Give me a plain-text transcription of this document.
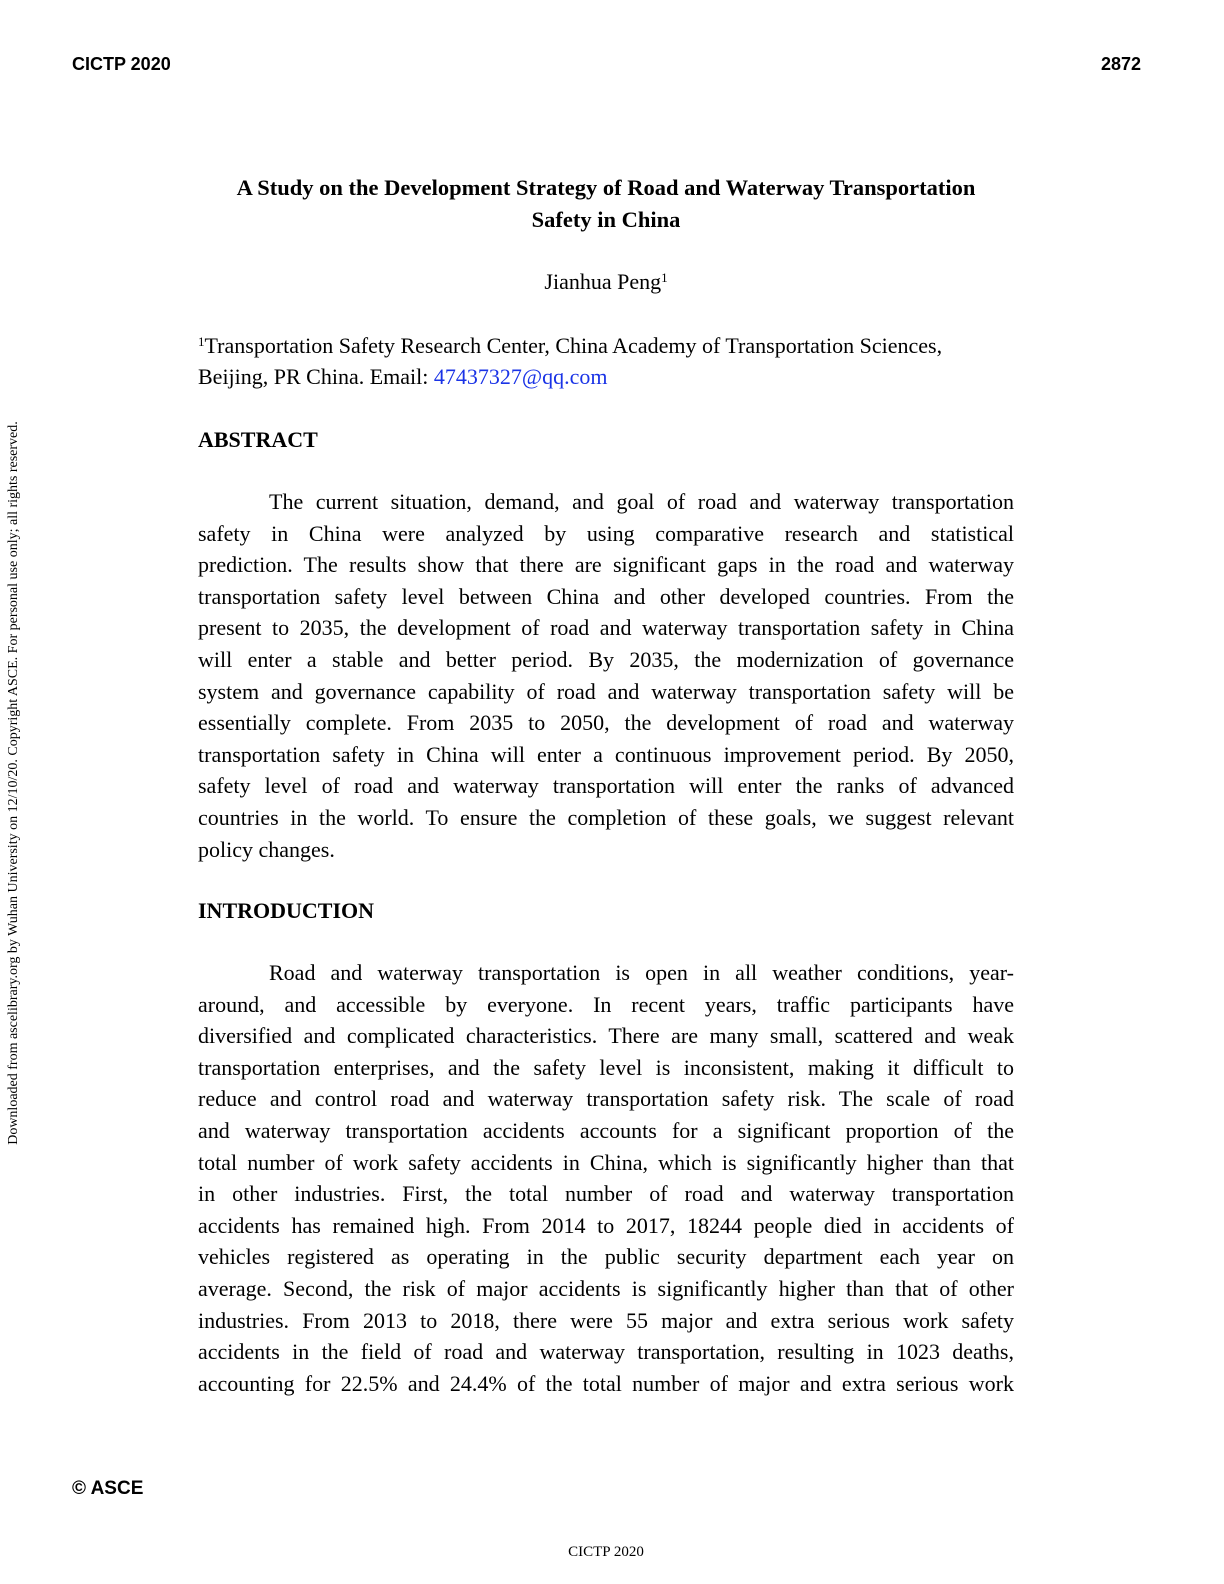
CICTP 2020	2872
Downloaded from ascelibrary.org by Wuhan University on 12/10/20. Copyright ASCE. For personal use only; all rights reserved.
A Study on the Development Strategy of Road and Waterway Transportation
Safety in China
Jianhua Peng$^1$
$^1$Transportation Safety Research Center, China Academy of Transportation Sciences,
Beijing, PR China. Email: 47437327@qq.com
ABSTRACT
The current situation, demand, and goal of road and waterway transportation
safety in China were analyzed by using comparative research and statistical
prediction. The results show that there are significant gaps in the road and waterway
transportation safety level between China and other developed countries. From the
present to 2035, the development of road and waterway transportation safety in China
will enter a stable and better period. By 2035, the modernization of governance
system and governance capability of road and waterway transportation safety will be
essentially complete. From 2035 to 2050, the development of road and waterway
transportation safety in China will enter a continuous improvement period. By 2050,
safety level of road and waterway transportation will enter the ranks of advanced
countries in the world. To ensure the completion of these goals, we suggest relevant
policy changes.
INTRODUCTION
Road and waterway transportation is open in all weather conditions, year-
around, and accessible by everyone. In recent years, traffic participants have
diversified and complicated characteristics. There are many small, scattered and weak
transportation enterprises, and the safety level is inconsistent, making it difficult to
reduce and control road and waterway transportation safety risk. The scale of road
and waterway transportation accidents accounts for a significant proportion of the
total number of work safety accidents in China, which is significantly higher than that
in other industries. First, the total number of road and waterway transportation
accidents has remained high. From 2014 to 2017, 18244 people died in accidents of
vehicles registered as operating in the public security department each year on
average. Second, the risk of major accidents is significantly higher than that of other
industries. From 2013 to 2018, there were 55 major and extra serious work safety
accidents in the field of road and waterway transportation, resulting in 1023 deaths,
accounting for 22.5% and 24.4% of the total number of major and extra serious work
© ASCE
CICTP 2020
